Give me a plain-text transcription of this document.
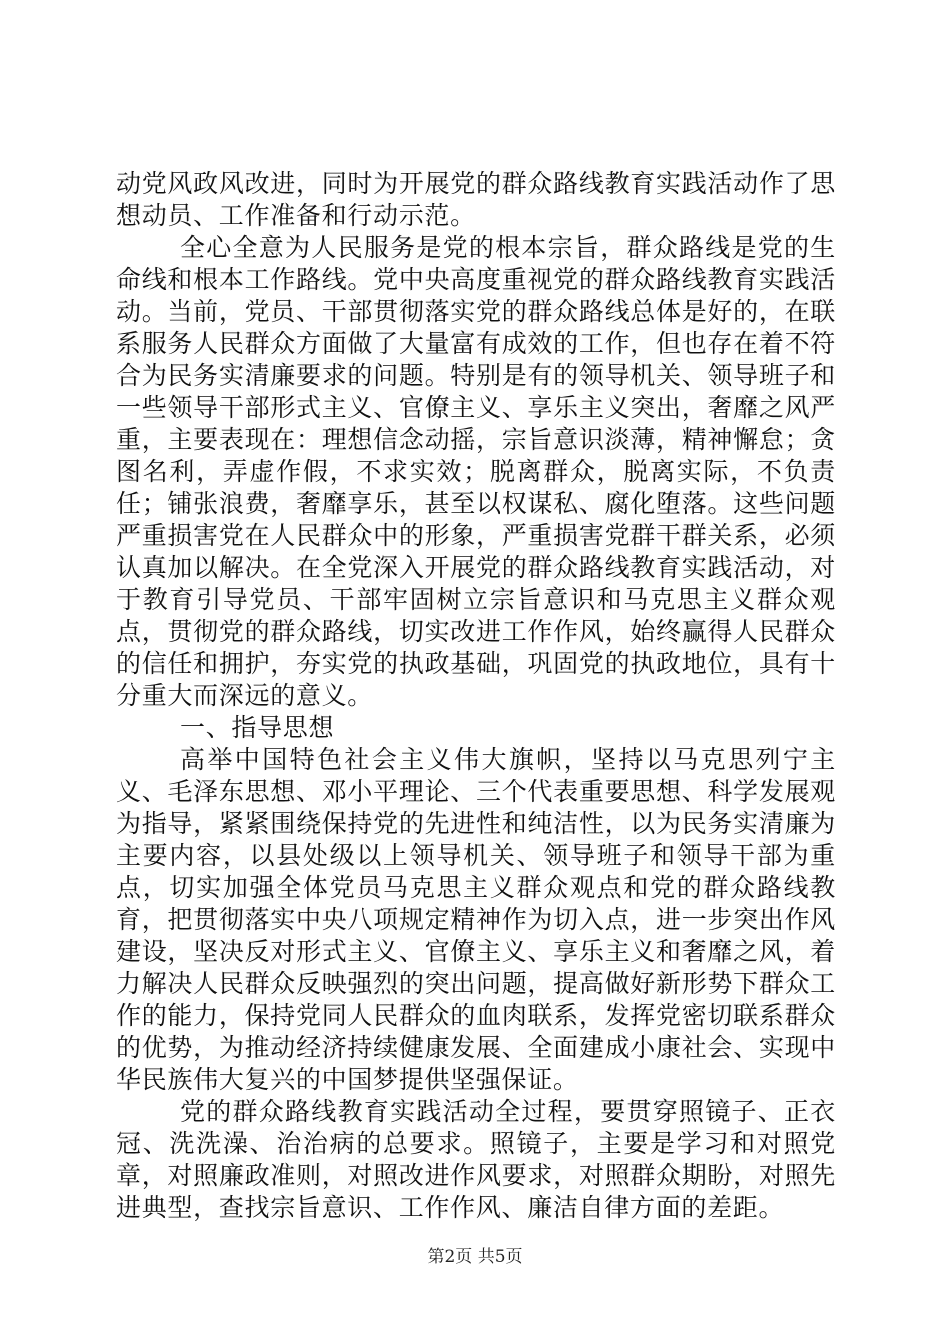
动党风政风改进，同时为开展党的群众路线教育实践活动作了思想动员、工作准备和行动示范。

全心全意为人民服务是党的根本宗旨，群众路线是党的生命线和根本工作路线。党中央高度重视党的群众路线教育实践活动。当前，党员、干部贯彻落实党的群众路线总体是好的，在联系服务人民群众方面做了大量富有成效的工作，但也存在着不符合为民务实清廉要求的问题。特别是有的领导机关、领导班子和一些领导干部形式主义、官僚主义、享乐主义突出，奢靡之风严重，主要表现在：理想信念动摇，宗旨意识淡薄，精神懈怠；贪图名利，弄虚作假，不求实效；脱离群众，脱离实际，不负责任；铺张浪费，奢靡享乐，甚至以权谋私、腐化堕落。这些问题严重损害党在人民群众中的形象，严重损害党群干群关系，必须认真加以解决。在全党深入开展党的群众路线教育实践活动，对于教育引导党员、干部牢固树立宗旨意识和马克思主义群众观点，贯彻党的群众路线，切实改进工作作风，始终赢得人民群众的信任和拥护，夯实党的执政基础，巩固党的执政地位，具有十分重大而深远的意义。

一、指导思想

高举中国特色社会主义伟大旗帜，坚持以马克思列宁主义、毛泽东思想、邓小平理论、三个代表重要思想、科学发展观为指导，紧紧围绕保持党的先进性和纯洁性，以为民务实清廉为主要内容，以县处级以上领导机关、领导班子和领导干部为重点，切实加强全体党员马克思主义群众观点和党的群众路线教育，把贯彻落实中央八项规定精神作为切入点，进一步突出作风建设，坚决反对形式主义、官僚主义、享乐主义和奢靡之风，着力解决人民群众反映强烈的突出问题，提高做好新形势下群众工作的能力，保持党同人民群众的血肉联系，发挥党密切联系群众的优势，为推动经济持续健康发展、全面建成小康社会、实现中华民族伟大复兴的中国梦提供坚强保证。

党的群众路线教育实践活动全过程，要贯穿照镜子、正衣冠、洗洗澡、治治病的总要求。照镜子，主要是学习和对照党章，对照廉政准则，对照改进作风要求，对照群众期盼，对照先进典型，查找宗旨意识、工作作风、廉洁自律方面的差距。

第2页 共5页
